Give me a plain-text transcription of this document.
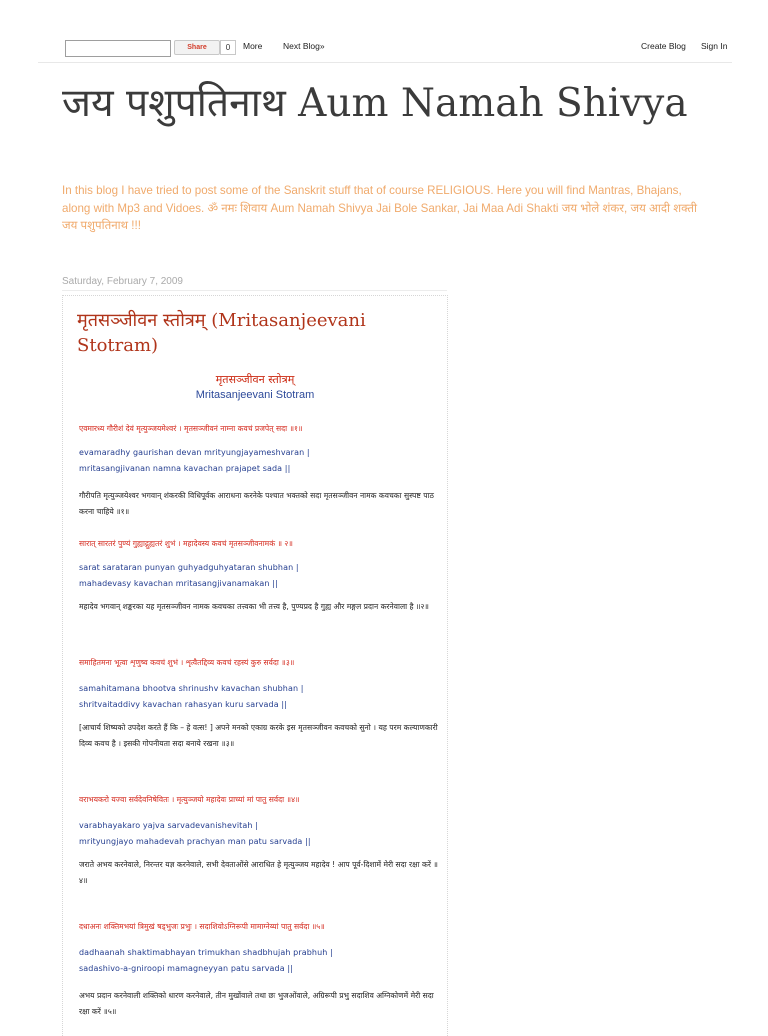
Share	0	More Next Blog»	Create Blog Sign In
जय पशुपतिनाथ Aum Namah Shivya

In this blog I have tried to post some of the Sanskrit stuff that of course RELIGIOUS. Here you will find Mantras, Bhajans, along with Mp3 and Vidoes. ॐ नमः शिवाय Aum Namah Shivya Jai Bole Sankar, Jai Maa Adi Shakti जय भोले शंकर, जय आदी शक्ती जय पशुपतिनाथ !!!

Saturday, February 7, 2009
मृतसञ्जीवन स्तोत्रम् (Mritasanjeevani Stotram)
मृतसञ्जीवन स्तोत्रम्
Mritasanjeevani Stotram
एवमारध्य गौरीशं देवं मृत्युञ्जयमेश्वरं । मृतसञ्जीवनं नाम्ना कवचं प्रजपेत् सदा ॥१॥
evamaradhy gaurishan devan mrityungjayameshvaran |
mritasangjivanan namna kavachan prajapet sada ||
गौरीपति मृत्युञ्जयेश्वर भगवान् शंकरकी विधिपूर्वक आराधना करनेके पश्चात भक्तको सदा मृतसञ्जीवन नामक कवचका सुस्पष्ट पाठ करना चाहिये ॥१॥
सारात् सारतरं पुण्यं गुह्याद्गुह्यतरं शुभं । महादेवस्य कवचं मृतसञ्जीवनामकं ॥ २॥
sarat sarataran punyan guhyadguhyataran shubhan |
mahadevasy kavachan mritasangjivanamakan ||
महादेव भगवान् शङ्करका यह मृतसञ्जीवन नामक कवचका तत्त्वका भी तत्त्व है, पुण्यप्रद है गुह्य और मङ्गल प्रदान करनेवाला है ॥२॥
समाहितमना भूत्वा शृणुष्व कवचं शुभं । शृत्वैतद्दिव्य कवचं रहस्यं कुरु सर्वदा ॥३॥
samahitamana bhootva shrinushv kavachan shubhan |
shritvaitaddivy kavachan rahasyan kuru sarvada ||
[आचार्य शिष्यको उपदेश करते हैं कि – हे वत्स! ] अपने मनको एकाग्र करके इस मृतसञ्जीवन कवचको सुनो । यह परम कल्याणकारी दिव्य कवच है । इसकी गोपनीयता सदा बनाये रखना ॥३॥
वराभयकरो यज्वा सर्वदेवनिषेवितः । मृत्युञ्जयो महादेवः प्राच्यां मां पातु सर्वदा ॥४॥
varabhayakaro yajva sarvadevanishevitah |
mrityungjayo mahadevah prachyan man patu sarvada ||
जराते अभय करनेवाले, निरन्तर यज्ञ करनेवाले, सभी देवताओंसे आराधित हे मृत्युञ्जय महादेव ! आप पूर्व-दिशामें मेरी सदा रक्षा करें ॥४॥
दधाअनः शक्तिमभयां त्रिमुखं षड्भुजः प्रभुः । सदाशिवोऽग्निरूपी मामाग्नेय्यां पातु सर्वदा ॥५॥
dadhaanah shaktimabhayan trimukhan shadbhujah prabhuh |
sadashivo-a-gniroopi mamagneyyan patu sarvada ||
अभय प्रदान करनेवाली शक्तिको धारण करनेवाले, तीन मुखोंवाले तथा छः भुजओंवाले, अग्रिरूपी प्रभु सदाशिव अग्निकोणमें मेरी सदा रक्षा करें ॥५॥
